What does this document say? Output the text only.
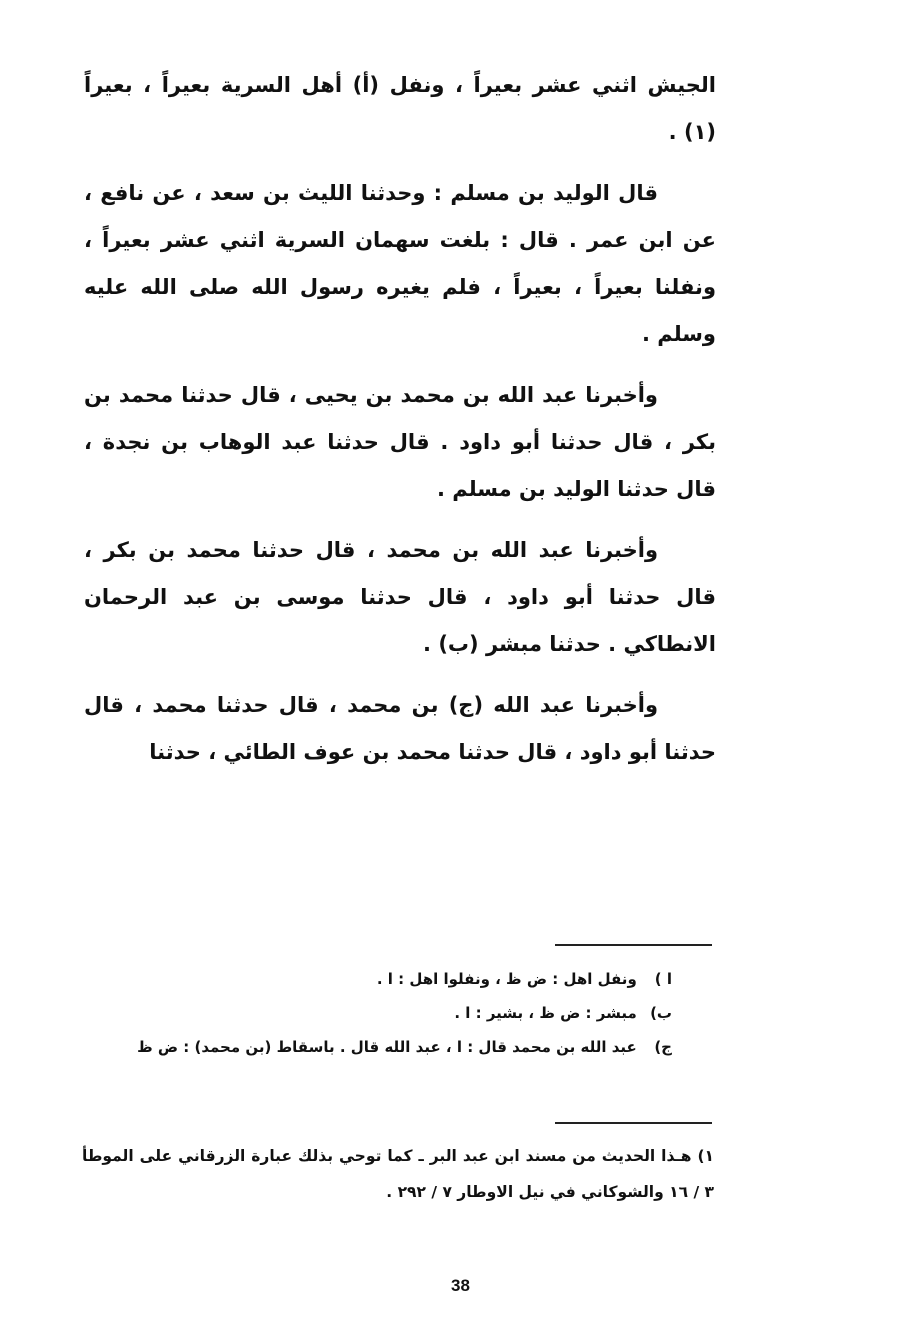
الجيش اثني عشر بعيراً ، ونفل (أ) أهل السرية بعيراً ، بعيراً (١) .

قال الوليد بن مسلم : وحدثنا الليث بن سعد ، عن نافع ، عن ابن عمر . قال : بلغت سهمان السرية اثني عشر بعيراً ، ونفلنا بعيراً ، بعيراً ، فلم يغيره رسول الله صلى الله عليه وسلم .

وأخبرنا عبد الله بن محمد بن يحيى ، قال حدثنا محمد بن بكر ، قال حدثنا أبو داود . قال حدثنا عبد الوهاب بن نجدة ، قال حدثنا الوليد بن مسلم .

وأخبرنا عبد الله بن محمد ، قال حدثنا محمد بن بكر ، قال حدثنا أبو داود ، قال حدثنا موسى بن عبد الرحمان الانطاكي . حدثنا مبشر (ب) .

وأخبرنا عبد الله (ج) بن محمد ، قال حدثنا محمد ، قال حدثنا أبو داود ، قال حدثنا محمد بن عوف الطائي ، حدثنا

ا ) ونفل اهل : ض ظ ، ونفلوا اهل : ا .
ب) مبشر : ض ظ ، بشير : ا .
ج) عبد الله بن محمد قال : ا ، عبد الله قال . باسقاط (بن محمد) : ض ظ
١) هـذا الحديث من مسند ابن عبد البر ـ كما توحي بذلك عبارة الزرقاني على الموطأ ٣ / ١٦ والشوكاني في نيل الاوطار ٧ / ٢٩٢ .
38
